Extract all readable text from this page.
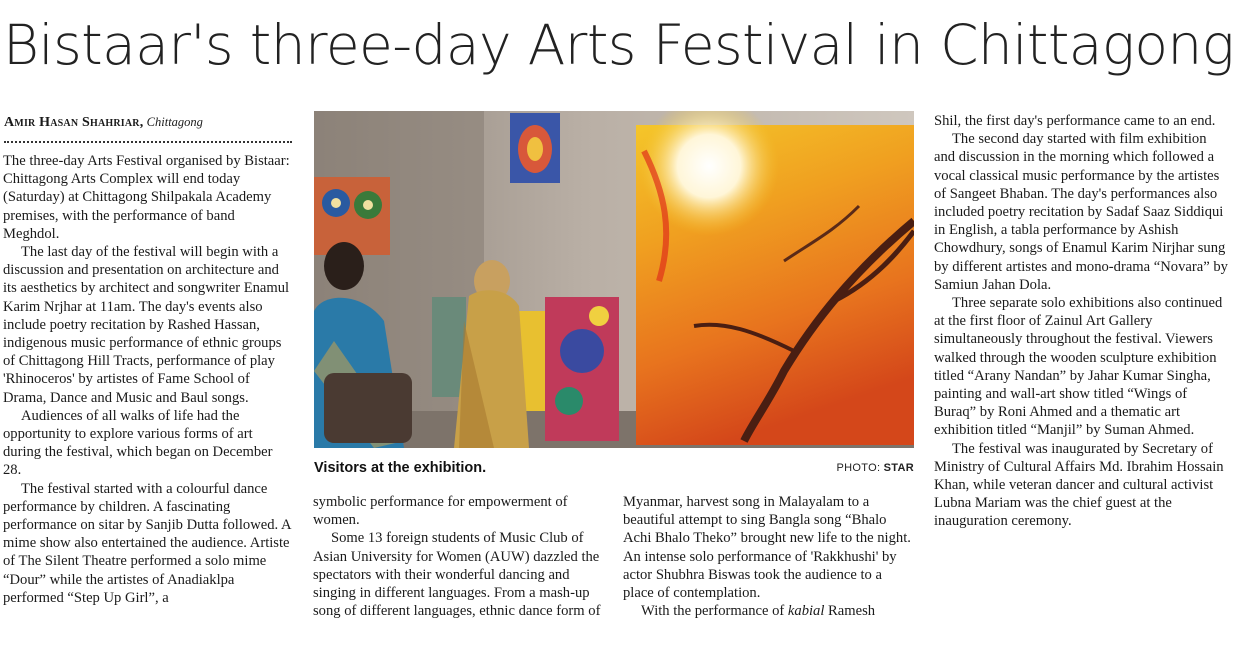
Bistaar's three-day Arts Festival in Chittagong
Amir Hasan Shahriar, Chittagong

The three-day Arts Festival organised by Bistaar: Chittagong Arts Complex will end today (Saturday) at Chittagong Shilpakala Academy premises, with the performance of band Meghdol.

The last day of the festival will begin with a discussion and presentation on architecture and its aesthetics by architect and songwriter Enamul Karim Nrjhar at 11am. The day's events also include poetry recitation by Rashed Hassan, indigenous music performance of ethnic groups of Chittagong Hill Tracts, performance of play 'Rhinoceros' by artistes of Fame School of Drama, Dance and Music and Baul songs.

Audiences of all walks of life had the opportunity to explore various forms of art during the festival, which began on December 28.

The festival started with a colourful dance performance by children. A fascinating performance on sitar by Sanjib Dutta followed. A mime show also entertained the audience. Artiste of The Silent Theatre performed a solo mime “Dour” while the artistes of Anadiaklpa performed “Step Up Girl”, a

Visitors at the exhibition.	PHOTO: STAR

symbolic performance for empowerment of women.

Some 13 foreign students of Music Club of Asian University for Women (AUW) dazzled the spectators with their wonderful dancing and singing in different languages. From a mash-up song of different languages, ethnic dance form of

Myanmar, harvest song in Malayalam to a beautiful attempt to sing Bangla song “Bhalo Achi Bhalo Theko” brought new life to the night. An intense solo performance of 'Rakkhushi' by actor Shubhra Biswas took the audience to a place of contemplation.

With the performance of kabial Ramesh

Shil, the first day's performance came to an end.

The second day started with film exhibition and discussion in the morning which followed a vocal classical music performance by the artistes of Sangeet Bhaban. The day's performances also included poetry recitation by Sadaf Saaz Siddiqui in English, a tabla performance by Ashish Chowdhury, songs of Enamul Karim Nirjhar sung by different artistes and mono-drama “Novara” by Samiun Jahan Dola.

Three separate solo exhibitions also continued at the first floor of Zainul Art Gallery simultaneously throughout the festival. Viewers walked through the wooden sculpture exhibition titled “Arany Nandan” by Jahar Kumar Singha, painting and wall-art show titled “Wings of Buraq” by Roni Ahmed and a thematic art exhibition titled “Manjil” by Suman Ahmed.

The festival was inaugurated by Secretary of Ministry of Cultural Affairs Md. Ibrahim Hossain Khan, while veteran dancer and cultural activist Lubna Mariam was the chief guest at the inauguration ceremony.
